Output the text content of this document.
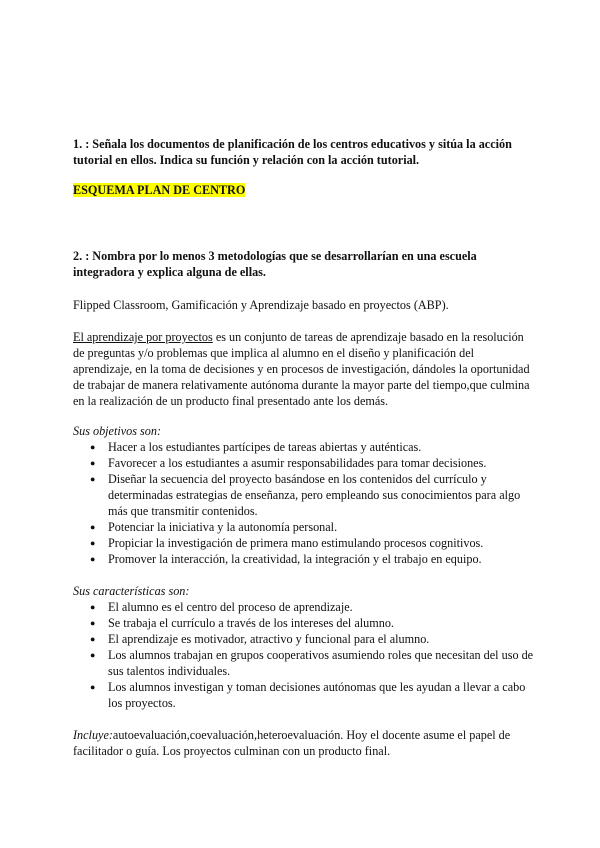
1. : Señala los documentos de planificación de los centros educativos y sitúa la acción tutorial en ellos. Indica su función y relación con la acción tutorial.
ESQUEMA PLAN DE CENTRO
2. : Nombra por lo menos 3 metodologías que se desarrollarían en una escuela integradora y explica alguna de ellas.
Flipped Classroom, Gamificación y Aprendizaje basado en proyectos (ABP).
El aprendizaje por proyectos es un conjunto de tareas de aprendizaje basado en la resolución de preguntas y/o problemas que implica al alumno en el diseño y planificación del aprendizaje, en la toma de decisiones y en procesos de investigación, dándoles la oportunidad de trabajar de manera relativamente autónoma durante la mayor parte del tiempo,que culmina en la realización de un producto final presentado ante los demás.
Sus objetivos son:
● Hacer a los estudiantes partícipes de tareas abiertas y auténticas.
● Favorecer a los estudiantes a asumir responsabilidades para tomar decisiones.
● Diseñar la secuencia del proyecto basándose en los contenidos del currículo y determinadas estrategias de enseñanza, pero empleando sus conocimientos para algo más que transmitir contenidos.
● Potenciar la iniciativa y la autonomía personal.
● Propiciar la investigación de primera mano estimulando procesos cognitivos.
● Promover la interacción, la creatividad, la integración y el trabajo en equipo.
Sus características son:
● El alumno es el centro del proceso de aprendizaje.
● Se trabaja el currículo a través de los intereses del alumno.
● El aprendizaje es motivador, atractivo y funcional para el alumno.
● Los alumnos trabajan en grupos cooperativos asumiendo roles que necesitan del uso de sus talentos individuales.
● Los alumnos investigan y toman decisiones autónomas que les ayudan a llevar a cabo los proyectos.
Incluye:autoevaluación,coevaluación,heteroevaluación. Hoy el docente asume el papel de facilitador o guía. Los proyectos culminan con un producto final.
